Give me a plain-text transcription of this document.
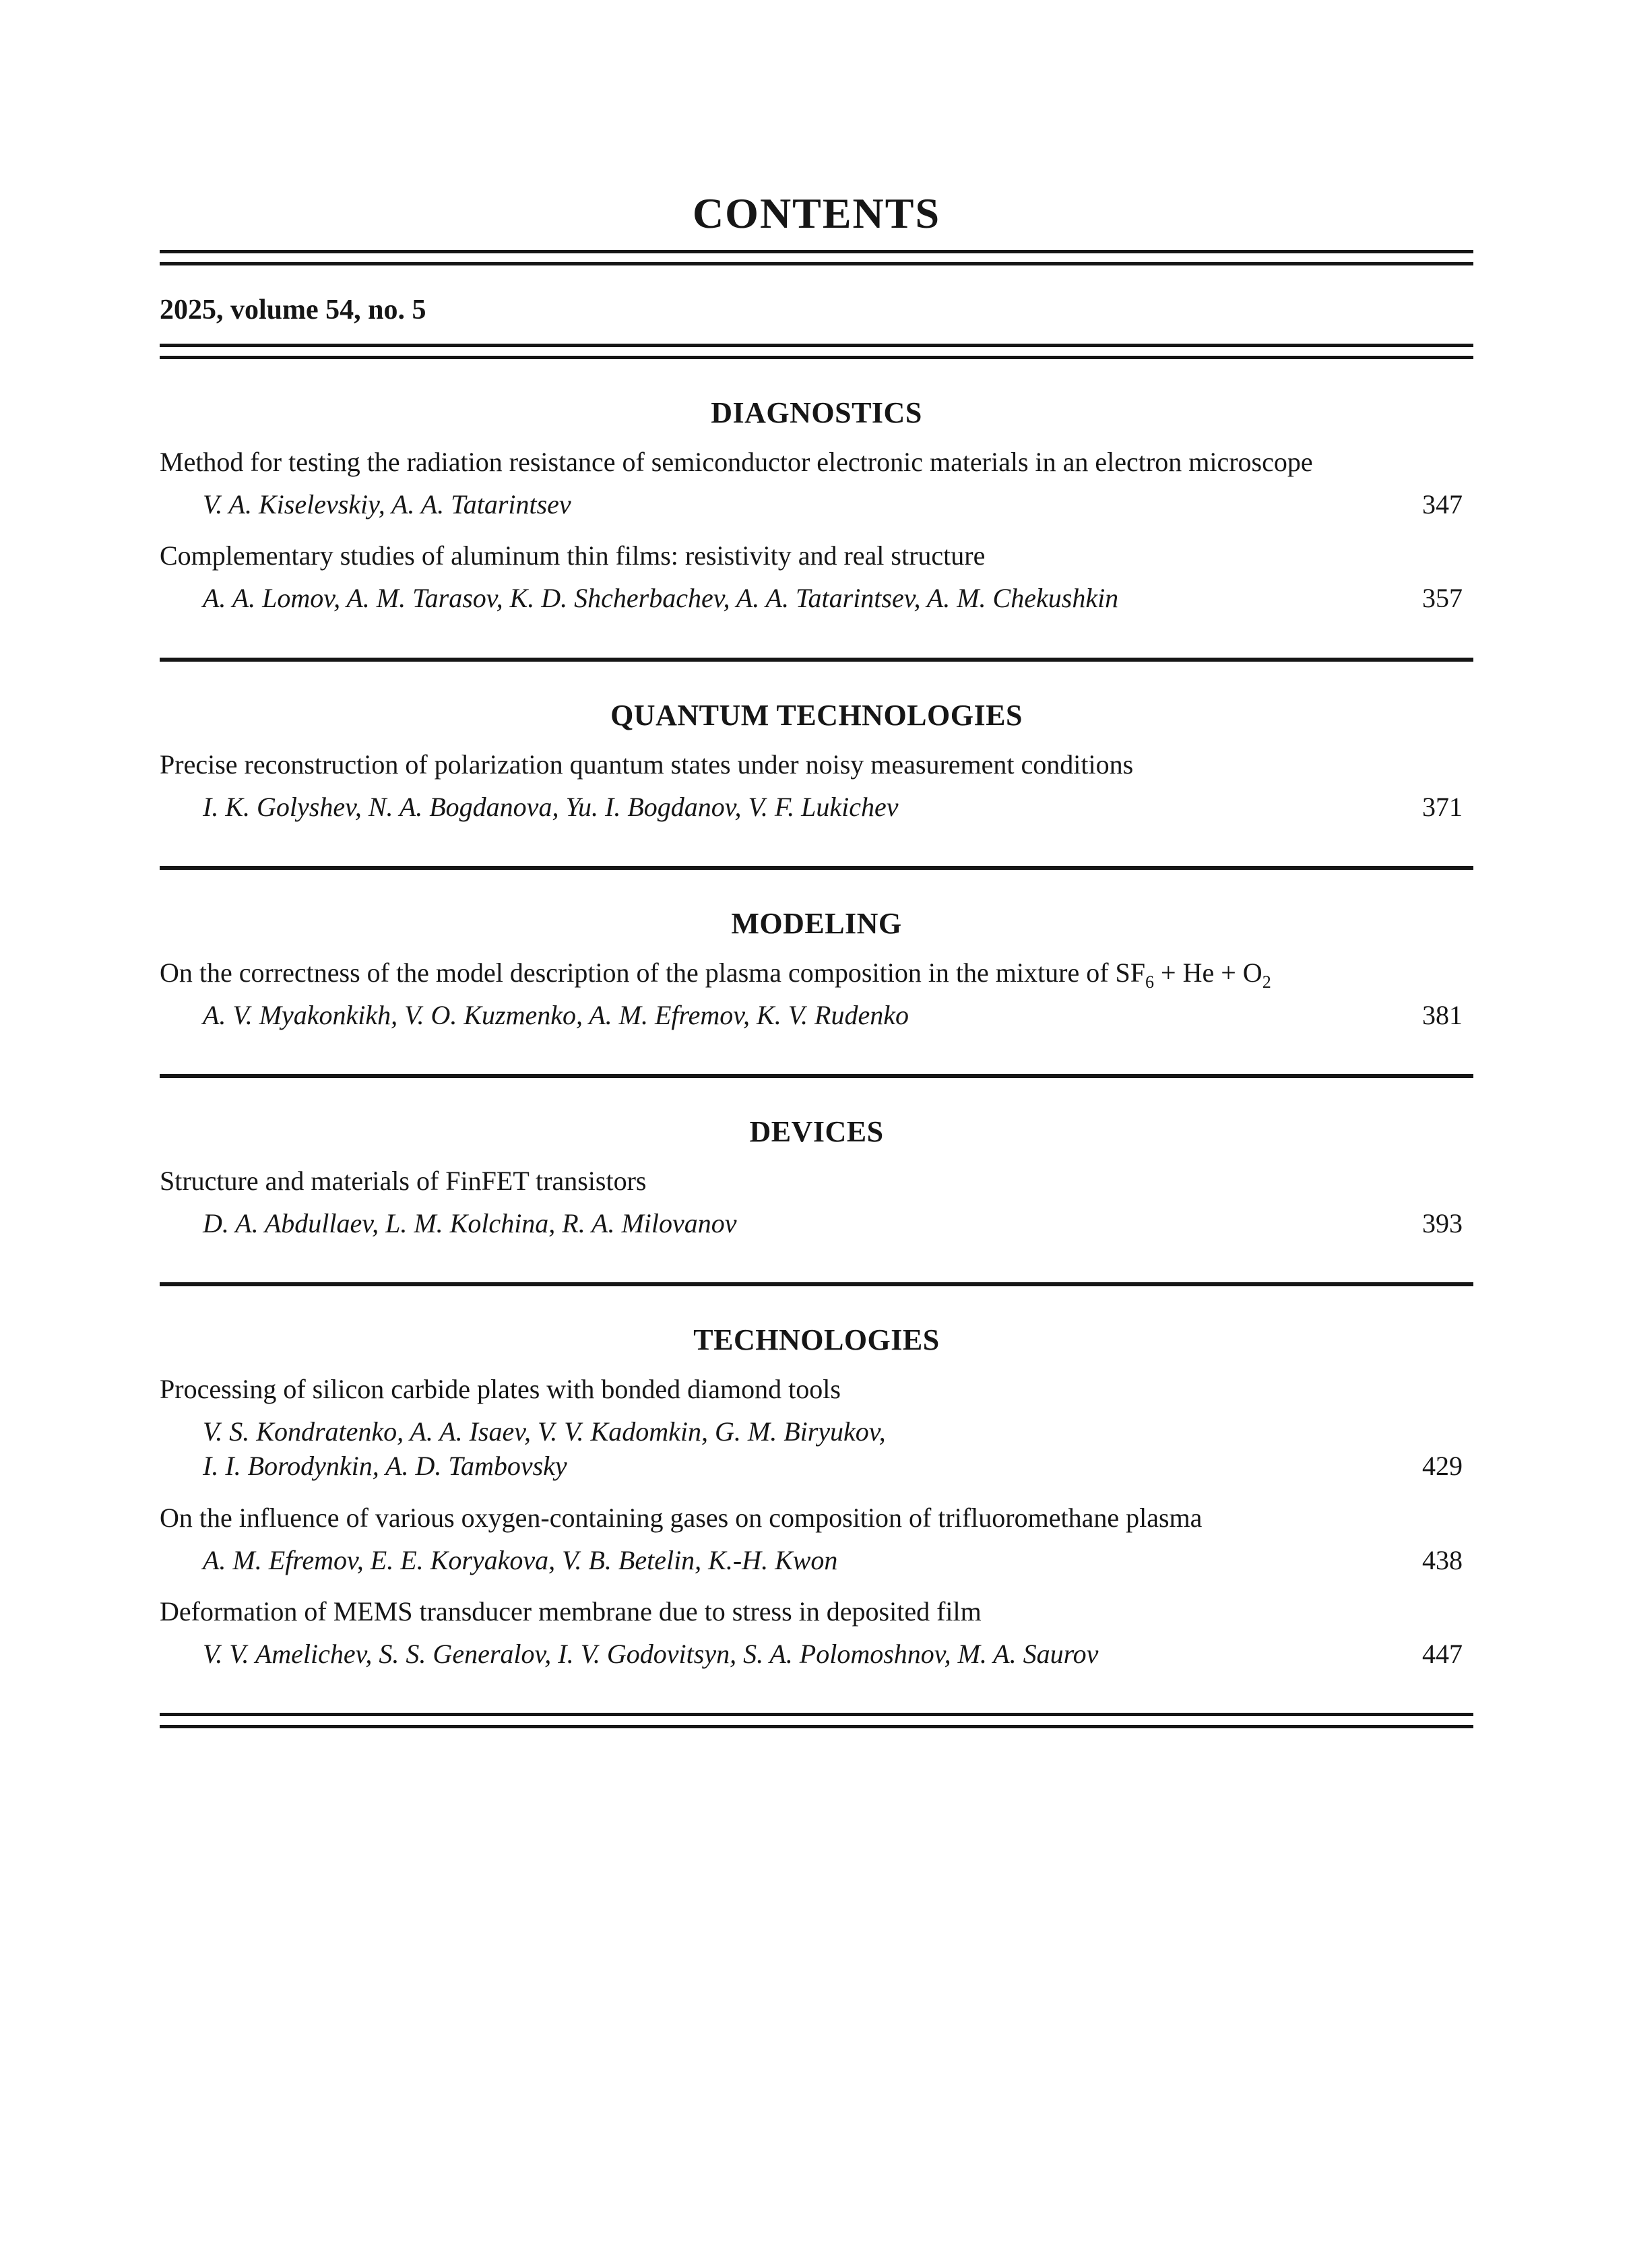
CONTENTS
2025, volume 54, no. 5
DIAGNOSTICS
Method for testing the radiation resistance of semiconductor electronic materials in an electron microscope
V. A. Kiselevskiy, A. A. Tatarintsev	347
Complementary studies of aluminum thin films: resistivity and real structure
A. A. Lomov, A. M. Tarasov, K. D. Shcherbachev, A. A. Tatarintsev, A. M. Chekushkin	357
QUANTUM TECHNOLOGIES
Precise reconstruction of polarization quantum states under noisy measurement conditions
I. K. Golyshev, N. A. Bogdanova, Yu. I. Bogdanov, V. F. Lukichev	371
MODELING
On the correctness of the model description of the plasma composition in the mixture of $SF_6 + He + O_2$
A. V. Myakonkikh, V. O. Kuzmenko, A. M. Efremov, K. V. Rudenko	381
DEVICES
Structure and materials of FinFET transistors
D. A. Abdullaev, L. M. Kolchina, R. A. Milovanov	393
TECHNOLOGIES
Processing of silicon carbide plates with bonded diamond tools
V. S. Kondratenko, A. A. Isaev, V. V. Kadomkin, G. M. Biryukov,
I. I. Borodynkin, A. D. Tambovsky	429
On the influence of various oxygen-containing gases on composition of trifluoromethane plasma
A. M. Efremov, E. E. Koryakova, V. B. Betelin, K.-H. Kwon	438
Deformation of MEMS transducer membrane due to stress in deposited film
V. V. Amelichev, S. S. Generalov, I. V. Godovitsyn, S. A. Polomoshnov, M. A. Saurov	447
